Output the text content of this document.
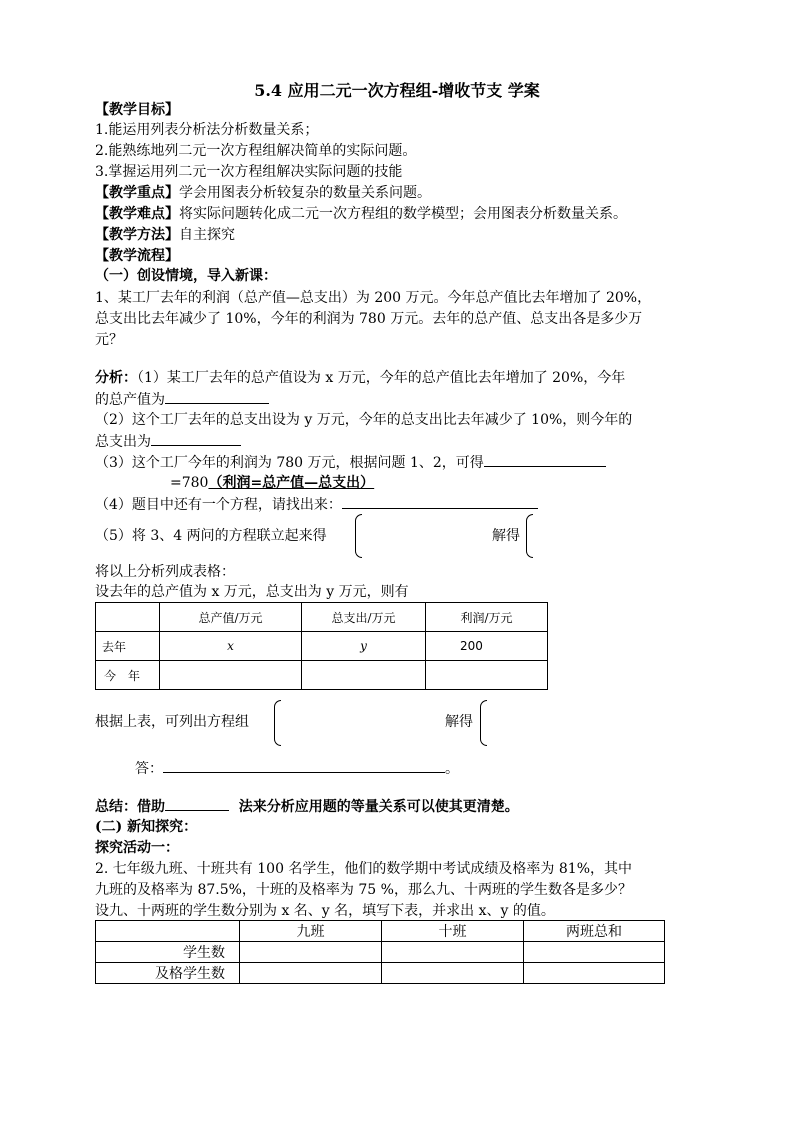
5.4 应用二元一次方程组-增收节支 学案
【教学目标】
1.能运用列表分析法分析数量关系；
2.能熟练地列二元一次方程组解决简单的实际问题。
3.掌握运用列二元一次方程组解决实际问题的技能
【教学重点】学会用图表分析较复杂的数量关系问题。
【教学难点】将实际问题转化成二元一次方程组的数学模型；会用图表分析数量关系。
【教学方法】自主探究
【教学流程】
（一）创设情境，导入新课：
1、某工厂去年的利润（总产值—总支出）为 200 万元。今年总产值比去年增加了 20%，
总支出比去年减少了 10%，今年的利润为 780 万元。去年的总产值、总支出各是多少万
元？
分析：（1）某工厂去年的总产值设为 x 万元，今年的总产值比去年增加了 20%，今年
的总产值为
（2）这个工厂去年的总支出设为 y 万元，今年的总支出比去年减少了 10%，则今年的
总支出为
（3）这个工厂今年的利润为 780 万元，根据问题 1、2，可得
=780（利润=总产值—总支出）
（4）题目中还有一个方程，请找出来：
（5）将 3、4 两问的方程联立起来得	解得
将以上分析列成表格：
设去年的总产值为 x 万元，总支出为 y 万元，则有
	总产值/万元	总支出/万元	利润/万元
去年	x	y	200
今　年			
根据上表，可列出方程组	解得
答：	。
总结：借助	法来分析应用题的等量关系可以使其更清楚。
(二) 新知探究：
探究活动一：
2. 七年级九班、十班共有 100 名学生，他们的数学期中考试成绩及格率为 81%，其中
九班的及格率为 87.5%，十班的及格率为 75 %，那么九、十两班的学生数各是多少？
设九、十两班的学生数分别为 x 名、y 名，填写下表，并求出 x、y 的值。
	九班	十班	两班总和
学生数			
及格学生数			
